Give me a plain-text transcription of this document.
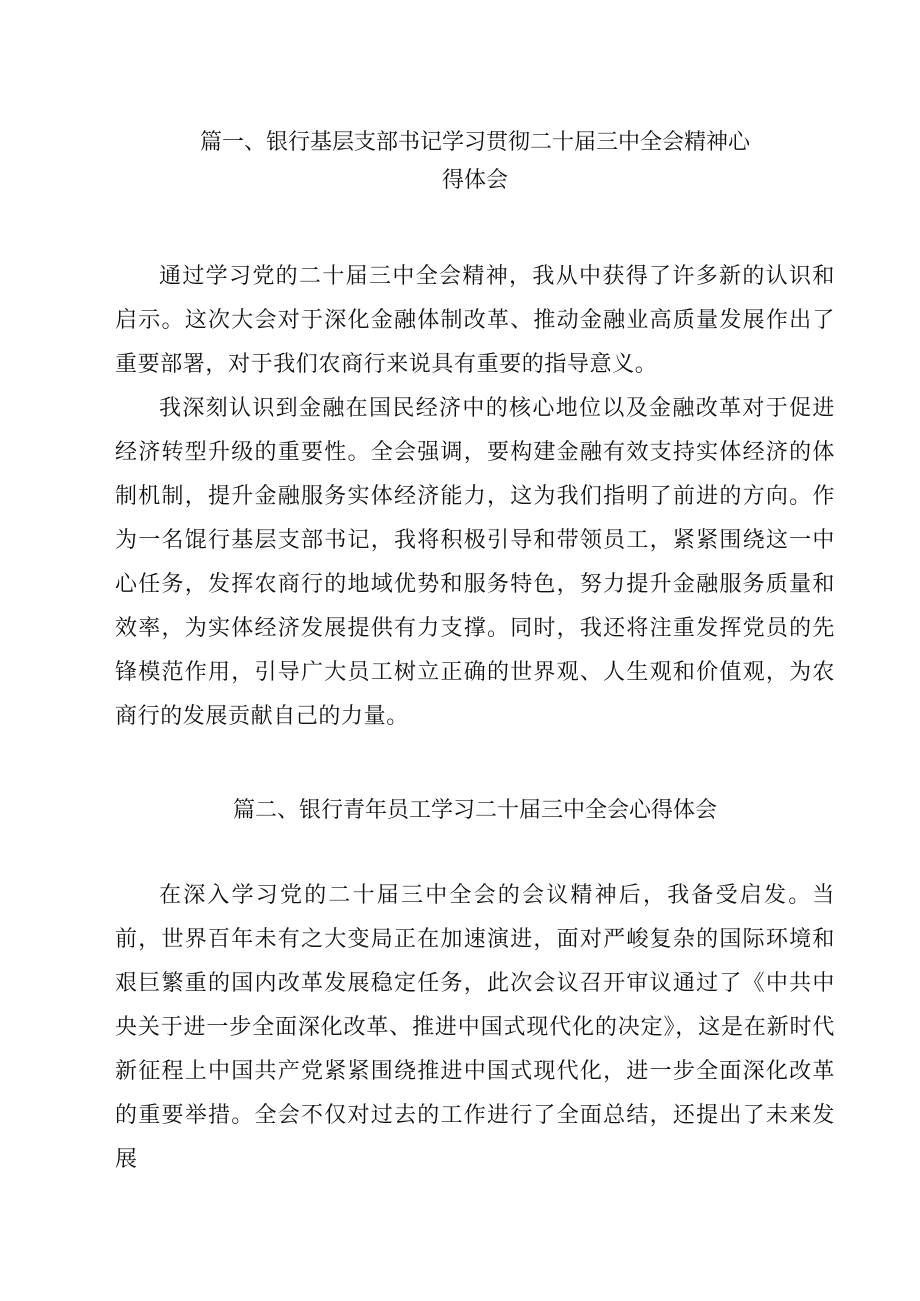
篇一、银行基层支部书记学习贯彻二十届三中全会精神心
得体会

通过学习党的二十届三中全会精神，我从中获得了许多新的认识和启示。这次大会对于深化金融体制改革、推动金融业高质量发展作出了重要部署，对于我们农商行来说具有重要的指导意义。

我深刻认识到金融在国民经济中的核心地位以及金融改革对于促进经济转型升级的重要性。全会强调，要构建金融有效支持实体经济的体制机制，提升金融服务实体经济能力，这为我们指明了前进的方向。作为一名馄行基层支部书记，我将积极引导和带领员工，紧紧围绕这一中心任务，发挥农商行的地域优势和服务特色，努力提升金融服务质量和效率，为实体经济发展提供有力支撑。同时，我还将注重发挥党员的先锋模范作用，引导广大员工树立正确的世界观、人生观和价值观，为农商行的发展贡献自己的力量。

篇二、银行青年员工学习二十届三中全会心得体会

在深入学习党的二十届三中全会的会议精神后，我备受启发。当前，世界百年未有之大变局正在加速演进，面对严峻复杂的国际环境和艰巨繁重的国内改革发展稳定任务，此次会议召开审议通过了《中共中央关于进一步全面深化改革、推进中国式现代化的决定》，这是在新时代新征程上中国共产党紧紧围绕推进中国式现代化，进一步全面深化改革的重要举措。全会不仅对过去的工作进行了全面总结，还提出了未来发展
